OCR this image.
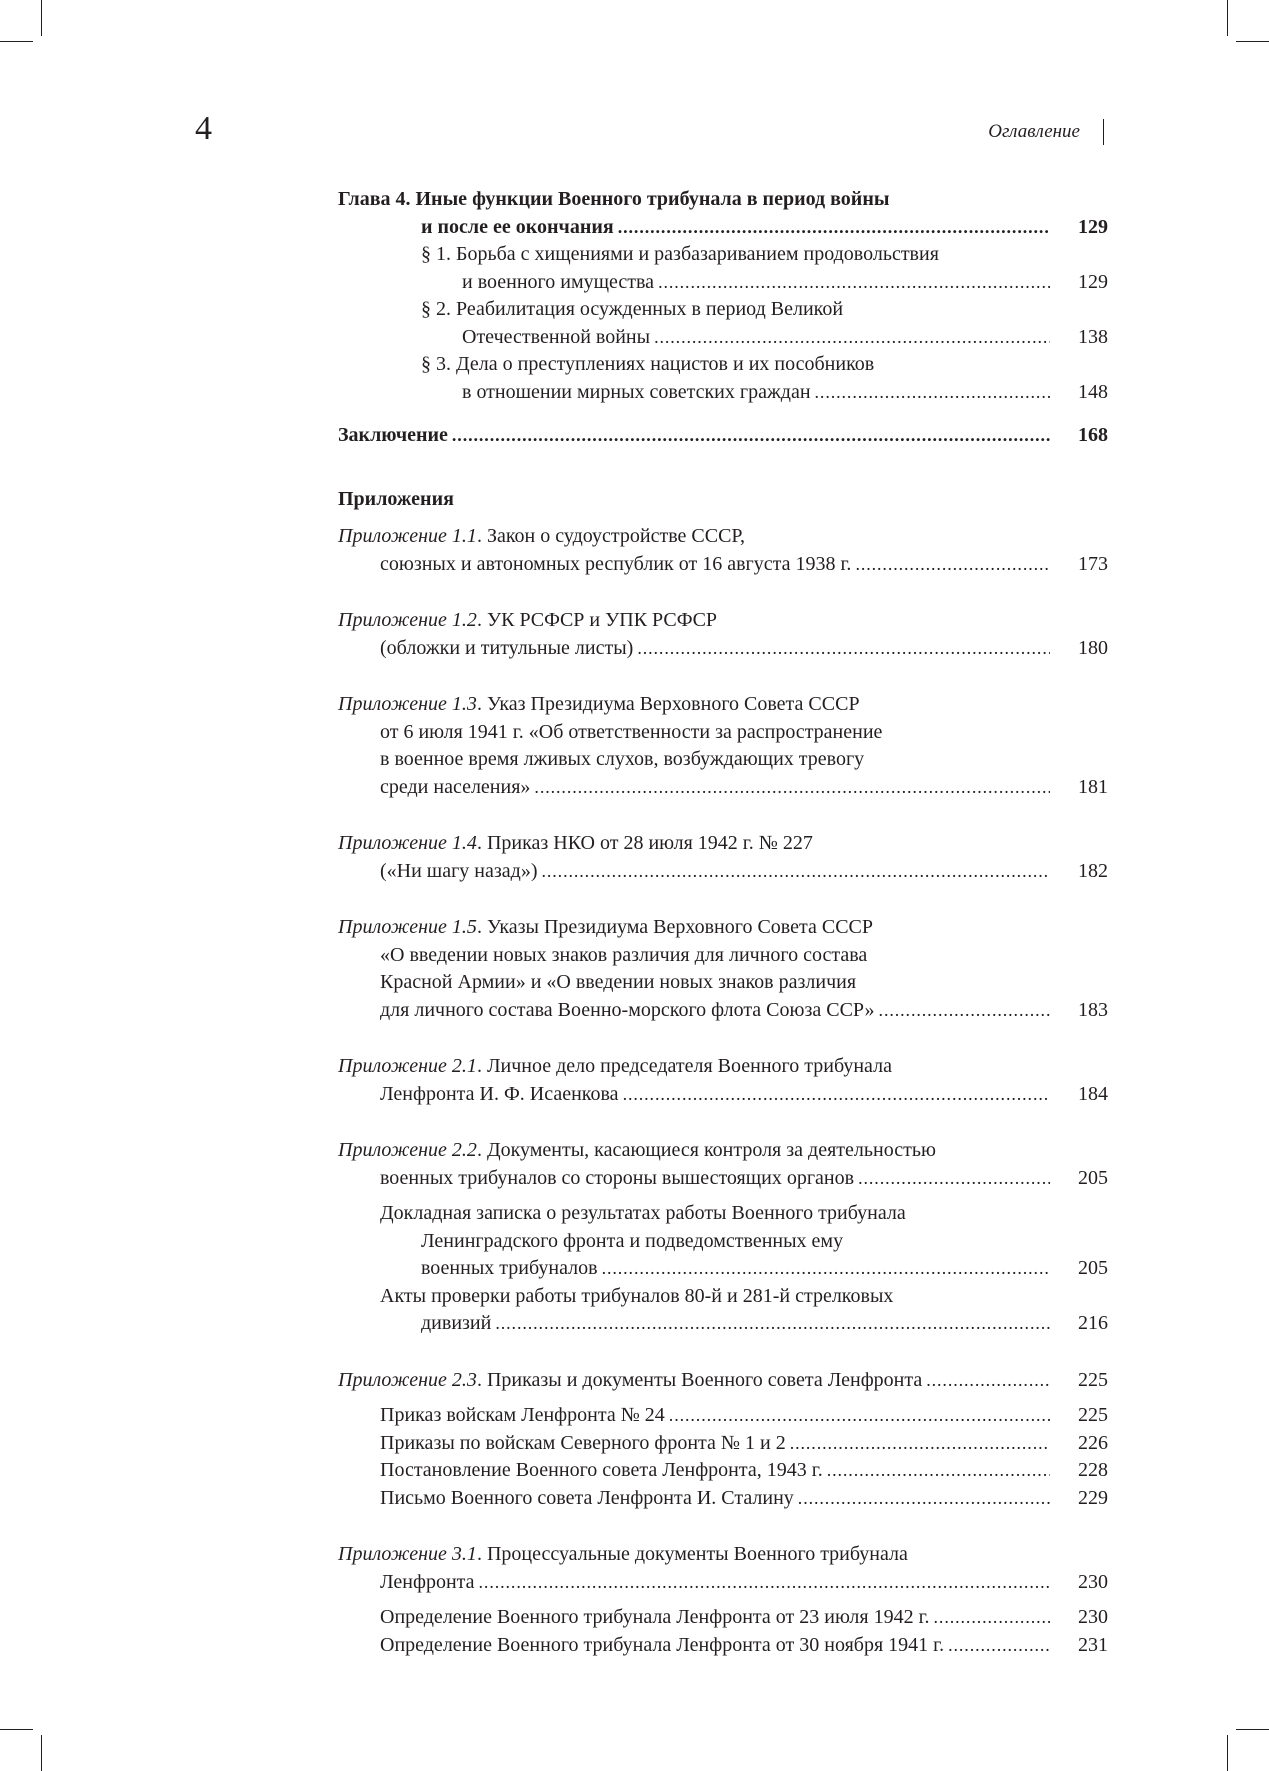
4	Оглавление
Глава 4. Иные функции Военного трибунала в период войны
и после ее окончания .....	129
§ 1. Борьба с хищениями и разбазариванием продовольствия
и военного имущества .....	129
§ 2. Реабилитация осужденных в период Великой
Отечественной войны .....	138
§ 3. Дела о преступлениях нацистов и их пособников
в отношении мирных советских граждан .....	148
Заключение .....	168
Приложения
Приложение 1.1. Закон о судоустройстве СССР,
союзных и автономных республик от 16 августа 1938 г. .....	173
Приложение 1.2. УК РСФСР и УПК РСФСР
(обложки и титульные листы) .....	180
Приложение 1.3. Указ Президиума Верховного Совета СССР
от 6 июля 1941 г. «Об ответственности за распространение
в военное время лживых слухов, возбуждающих тревогу
среди населения» .....	181
Приложение 1.4. Приказ НКО от 28 июля 1942 г. № 227
(«Ни шагу назад») .....	182
Приложение 1.5. Указы Президиума Верховного Совета СССР
«О введении новых знаков различия для личного состава
Красной Армии» и «О введении новых знаков различия
для личного состава Военно-морского флота Союза ССР» .....	183
Приложение 2.1. Личное дело председателя Военного трибунала
Ленфронта И. Ф. Исаенкова .....	184
Приложение 2.2. Документы, касающиеся контроля за деятельностью
военных трибуналов со стороны вышестоящих органов .....	205
Докладная записка о результатах работы Военного трибунала
Ленинградского фронта и подведомственных ему
военных трибуналов .....	205
Акты проверки работы трибуналов 80-й и 281-й стрелковых
дивизий .....	216
Приложение 2.3. Приказы и документы Военного совета Ленфронта .....	225
Приказ войскам Ленфронта № 24 .....	225
Приказы по войскам Северного фронта № 1 и 2 .....	226
Постановление Военного совета Ленфронта, 1943 г. .....	228
Письмо Военного совета Ленфронта И. Сталину .....	229
Приложение 3.1. Процессуальные документы Военного трибунала
Ленфронта .....	230
Определение Военного трибунала Ленфронта от 23 июля 1942 г. .....	230
Определение Военного трибунала Ленфронта от 30 ноября 1941 г. .....	231
